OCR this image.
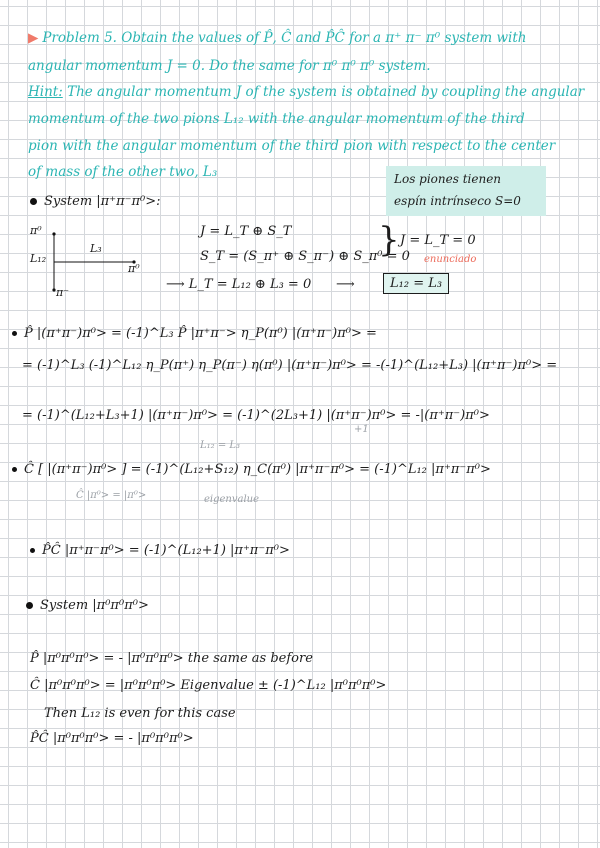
▶ Problem 5. Obtain the values of P̂, Ĉ and P̂Ĉ for a π⁺ π⁻ π⁰ system with
angular momentum J = 0. Do the same for π⁰ π⁰ π⁰ system.
Hint: The angular momentum J of the system is obtained by coupling the angular
momentum of the two pions L₁₂ with the angular momentum of the third
pion with the angular momentum of the third pion with respect to the center
of mass of the other two, L₃	Los piones tienen
espín intrínseco S=0
System |π⁺π⁻π⁰>:
π⁰
L₁₂
L₃
π⁰
π⁻
J = L_T ⊕ S_T
S_T = (S_π⁺ ⊕ S_π⁻) ⊕ S_π⁰ = 0
⟶ L_T = L₁₂ ⊕ L₃ = 0
} J = L_T = 0
enunciado
⟶	L₁₂ = L₃
P̂ |(π⁺π⁻)π⁰> = (-1)^L₃ P̂ |π⁺π⁻> η_P(π⁰) |(π⁺π⁻)π⁰> =
= (-1)^L₃ (-1)^L₁₂ η_P(π⁺) η_P(π⁻) η(π⁰) |(π⁺π⁻)π⁰> = -(-1)^(L₁₂+L₃) |(π⁺π⁻)π⁰> =
= (-1)^(L₁₂+L₃+1) |(π⁺π⁻)π⁰> = (-1)^(2L₃+1) |(π⁺π⁻)π⁰> = -|(π⁺π⁻)π⁰>
L₁₂ = L₃
+1
Ĉ [ |(π⁺π⁻)π⁰> ] = (-1)^(L₁₂+S₁₂) η_C(π⁰) |π⁺π⁻π⁰> = (-1)^L₁₂ |π⁺π⁻π⁰>
Ĉ |π⁰> = |π⁰>	eigenvalue
P̂Ĉ |π⁺π⁻π⁰> = (-1)^(L₁₂+1) |π⁺π⁻π⁰>
System |π⁰π⁰π⁰>
P̂ |π⁰π⁰π⁰> = - |π⁰π⁰π⁰> the same as before
Ĉ |π⁰π⁰π⁰> = |π⁰π⁰π⁰> Eigenvalue ± (-1)^L₁₂ |π⁰π⁰π⁰>
Then L₁₂ is even for this case
P̂Ĉ |π⁰π⁰π⁰> = - |π⁰π⁰π⁰>
